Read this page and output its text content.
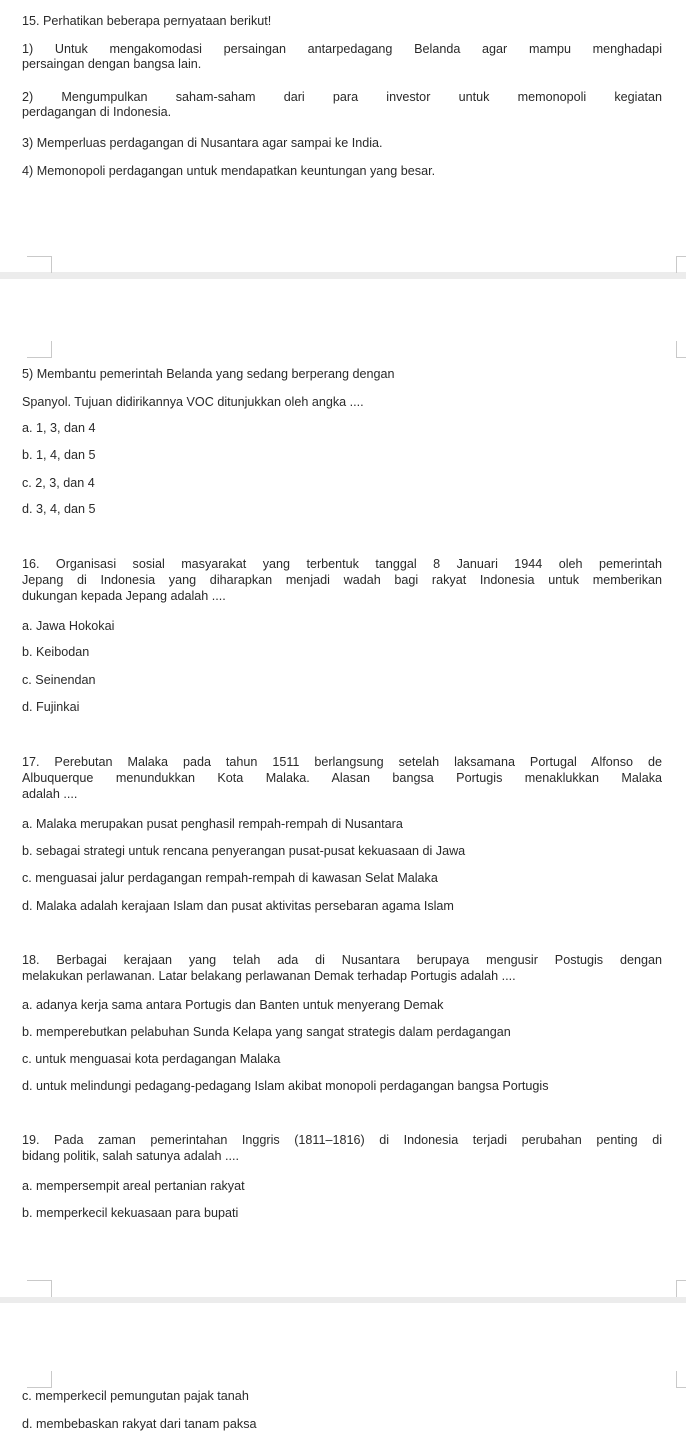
15. Perhatikan beberapa pernyataan berikut!
1) Untuk mengakomodasi persaingan antarpedagang Belanda agar mampu menghadapi
persaingan dengan bangsa lain.
2) Mengumpulkan saham-saham dari para investor untuk memonopoli kegiatan
perdagangan di Indonesia.
3) Memperluas perdagangan di Nusantara agar sampai ke India.
4) Memonopoli perdagangan untuk mendapatkan keuntungan yang besar.
5) Membantu pemerintah Belanda yang sedang berperang dengan
Spanyol. Tujuan didirikannya VOC ditunjukkan oleh angka ....
a. 1, 3, dan 4
b. 1, 4, dan 5
c. 2, 3, dan 4
d. 3, 4, dan 5
16. Organisasi sosial masyarakat yang terbentuk tanggal 8 Januari 1944 oleh pemerintah
Jepang di Indonesia yang diharapkan menjadi wadah bagi rakyat Indonesia untuk memberikan
dukungan kepada Jepang adalah ....
a. Jawa Hokokai
b. Keibodan
c. Seinendan
d. Fujinkai
17. Perebutan Malaka pada tahun 1511 berlangsung setelah laksamana Portugal Alfonso de
Albuquerque menundukkan Kota Malaka. Alasan bangsa Portugis menaklukkan Malaka
adalah ....
a. Malaka merupakan pusat penghasil rempah-rempah di Nusantara
b. sebagai strategi untuk rencana penyerangan pusat-pusat kekuasaan di Jawa
c. menguasai jalur perdagangan rempah-rempah di kawasan Selat Malaka
d. Malaka adalah kerajaan Islam dan pusat aktivitas persebaran agama Islam
18. Berbagai kerajaan yang telah ada di Nusantara berupaya mengusir Postugis dengan
melakukan perlawanan. Latar belakang perlawanan Demak terhadap Portugis adalah ....
a. adanya kerja sama antara Portugis dan Banten untuk menyerang Demak
b. memperebutkan pelabuhan Sunda Kelapa yang sangat strategis dalam perdagangan
c. untuk menguasai kota perdagangan Malaka
d. untuk melindungi pedagang-pedagang Islam akibat monopoli perdagangan bangsa Portugis
19. Pada zaman pemerintahan Inggris (1811–1816) di Indonesia terjadi perubahan penting di
bidang politik, salah satunya adalah ....
a. mempersempit areal pertanian rakyat
b. memperkecil kekuasaan para bupati
c. memperkecil pemungutan pajak tanah
d. membebaskan rakyat dari tanam paksa
